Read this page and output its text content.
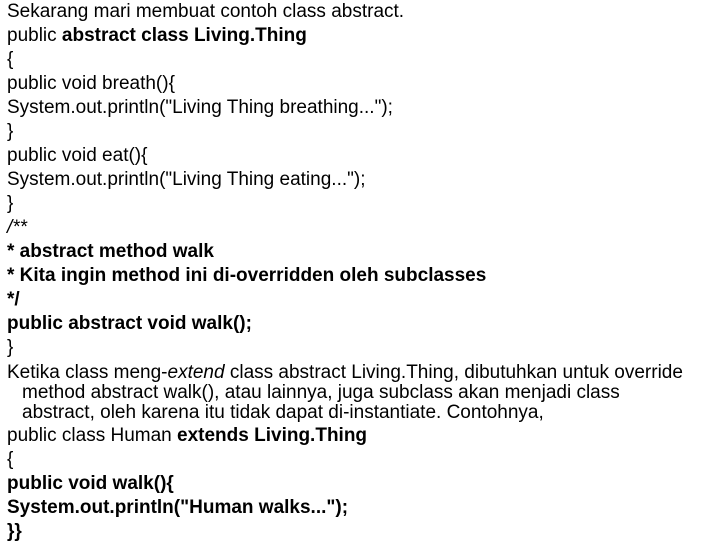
Sekarang mari membuat contoh class abstract.
public abstract class Living.Thing
{
public void breath(){
System.out.println("Living Thing breathing...");
}
public void eat(){
System.out.println("Living Thing eating...");
}
/**
* abstract method walk
* Kita ingin method ini di-overridden oleh subclasses
*/
public abstract void walk();
}
Ketika class meng-extend class abstract Living.Thing, dibutuhkan untuk override
method abstract walk(), atau lainnya, juga subclass akan menjadi class
abstract, oleh karena itu tidak dapat di-instantiate. Contohnya,
public class Human extends Living.Thing
{
public void walk(){
System.out.println("Human walks...");
}}
